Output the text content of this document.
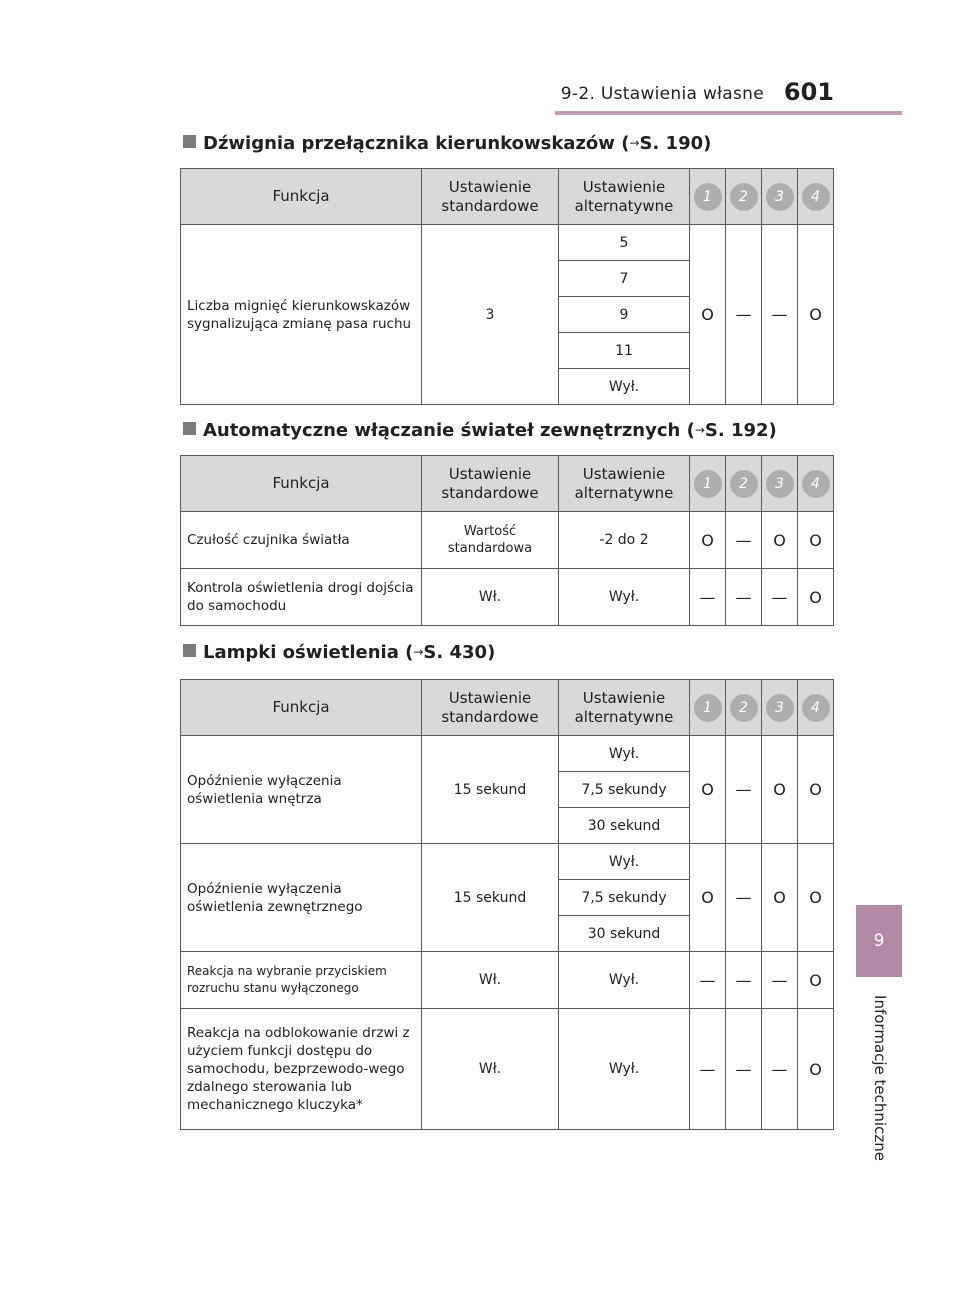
9-2. Ustawienia własne 601
9
Informacje techniczne
Dźwignia przełącznika kierunkowskazów (→S. 190)
Funkcja	Ustawienie standardowe	Ustawienie alternatywne	1	2	3	4
Liczba mignięć kierunkowskazów sygnalizująca zmianę pasa ruchu	3	5	O	—	—	O
		7				
		9				
		11				
		Wył.				
Automatyczne włączanie świateł zewnętrznych (→S. 192)
Funkcja	Ustawienie standardowe	Ustawienie alternatywne	1	2	3	4
Czułość czujnika światła	Wartość standardowa	-2 do 2	O	—	O	O
Kontrola oświetlenia drogi dojścia do samochodu	Wł.	Wył.	—	—	—	O
Lampki oświetlenia (→S. 430)
Funkcja	Ustawienie standardowe	Ustawienie alternatywne	1	2	3	4
Opóźnienie wyłączenia oświetlenia wnętrza	15 sekund	Wył.	O	—	O	O
		7,5 sekundy				
		30 sekund				
Opóźnienie wyłączenia oświetlenia zewnętrznego	15 sekund	Wył.	O	—	O	O
		7,5 sekundy				
		30 sekund				
Reakcja na wybranie przyciskiem rozruchu stanu wyłączonego	Wł.	Wył.	—	—	—	O
Reakcja na odblokowanie drzwi z użyciem funkcji dostępu do samochodu, bezprzewodo-wego zdalnego sterowania lub mechanicznego kluczyka*	Wł.	Wył.	—	—	—	O
